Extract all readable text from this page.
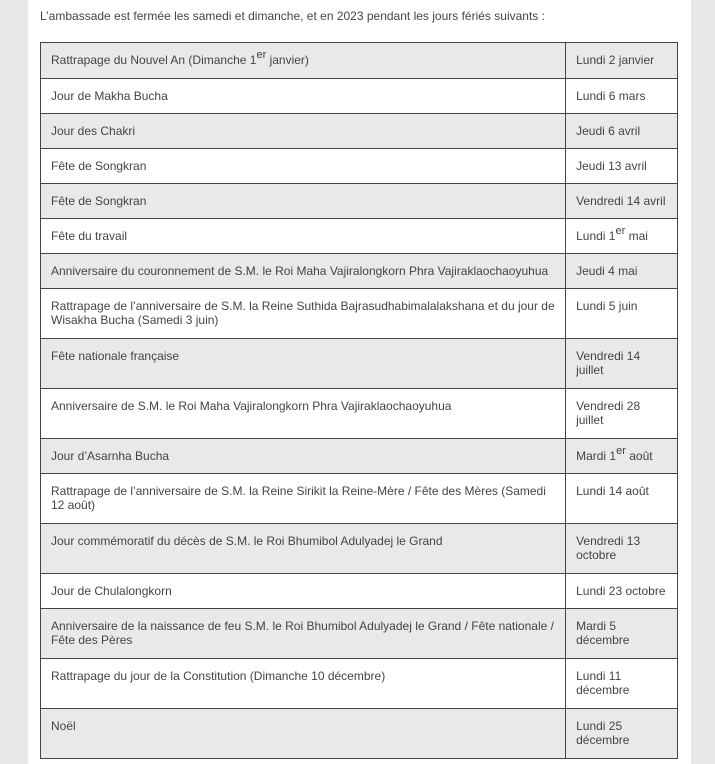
L’ambassade est fermée les samedi et dimanche, et en 2023 pendant les jours fériés suivants :

Rattrapage du Nouvel An (Dimanche 1er janvier)	Lundi 2 janvier
Jour de Makha Bucha	Lundi 6 mars
Jour des Chakri	Jeudi 6 avril
Fête de Songkran	Jeudi 13 avril
Fête de Songkran	Vendredi 14 avril
Fête du travail	Lundi 1er mai
Anniversaire du couronnement de S.M. le Roi Maha Vajiralongkorn Phra Vajiraklaochaoyuhua	Jeudi 4 mai
Rattrapage de l’anniversaire de S.M. la Reine Suthida Bajrasudhabimalalakshana et du jour de Wisakha Bucha (Samedi 3 juin)	Lundi 5 juin
Fête nationale française	Vendredi 14 juillet
Anniversaire de S.M. le Roi Maha Vajiralongkorn Phra Vajiraklaochaoyuhua	Vendredi 28 juillet
Jour d’Asarnha Bucha	Mardi 1er août
Rattrapage de l’anniversaire de S.M. la Reine Sirikit la Reine-Mère / Fête des Mères (Samedi 12 août)	Lundi 14 août
Jour commémoratif du décès de S.M. le Roi Bhumibol Adulyadej le Grand	Vendredi 13 octobre
Jour de Chulalongkorn	Lundi 23 octobre
Anniversaire de la naissance de feu S.M. le Roi Bhumibol Adulyadej le Grand / Fête nationale / Fête des Pères	Mardi 5 décembre
Rattrapage du jour de la Constitution (Dimanche 10 décembre)	Lundi 11 décembre
Noël	Lundi 25 décembre
